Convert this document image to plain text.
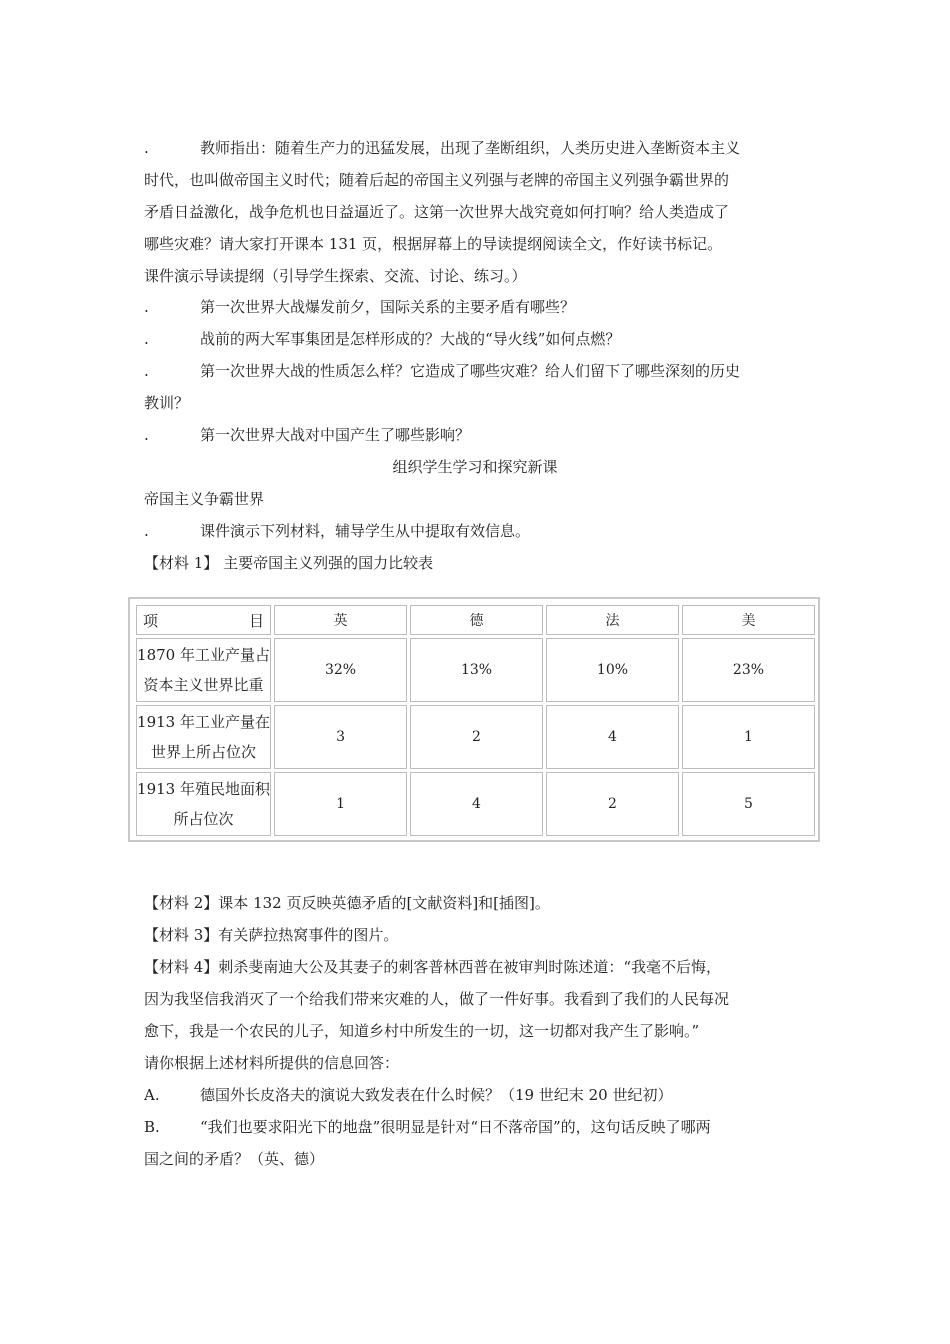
.	教师指出：随着生产力的迅猛发展，出现了垄断组织，人类历史进入垄断资本主义
时代，也叫做帝国主义时代；随着后起的帝国主义列强与老牌的帝国主义列强争霸世界的
矛盾日益激化，战争危机也日益逼近了。这第一次世界大战究竟如何打响？给人类造成了
哪些灾难？请大家打开课本 131 页，根据屏幕上的导读提纲阅读全文，作好读书标记。
课件演示导读提纲（引导学生探索、交流、讨论、练习。）
.	第一次世界大战爆发前夕，国际关系的主要矛盾有哪些？
.	战前的两大军事集团是怎样形成的？大战的“导火线”如何点燃？
.	第一次世界大战的性质怎么样？它造成了哪些灾难？给人们留下了哪些深刻的历史
教训？
.	第一次世界大战对中国产生了哪些影响？
组织学生学习和探究新课
帝国主义争霸世界
.	课件演示下列材料，辅导学生从中提取有效信息。
【材料 1】 主要帝国主义列强的国力比较表
项 目	英	德	法	美

1870 年工业产量占
资本主义世界比重	32%	13%	10%	23%

1913 年工业产量在
世界上所占位次	3	2	4	1

1913 年殖民地面积
所占位次	1	4	2	5
【材料 2】课本 132 页反映英德矛盾的[文献资料]和[插图]。
【材料 3】有关萨拉热窝事件的图片。
【材料 4】刺杀斐南迪大公及其妻子的刺客普林西普在被审判时陈述道：“我毫不后悔，
因为我坚信我消灭了一个给我们带来灾难的人，做了一件好事。我看到了我们的人民每况
愈下，我是一个农民的儿子，知道乡村中所发生的一切，这一切都对我产生了影响。”
请你根据上述材料所提供的信息回答：
A.	德国外长皮洛夫的演说大致发表在什么时候？（19 世纪末 20 世纪初）
B.	“我们也要求阳光下的地盘”很明显是针对“日不落帝国”的，这句话反映了哪两
国之间的矛盾？（英、德）
